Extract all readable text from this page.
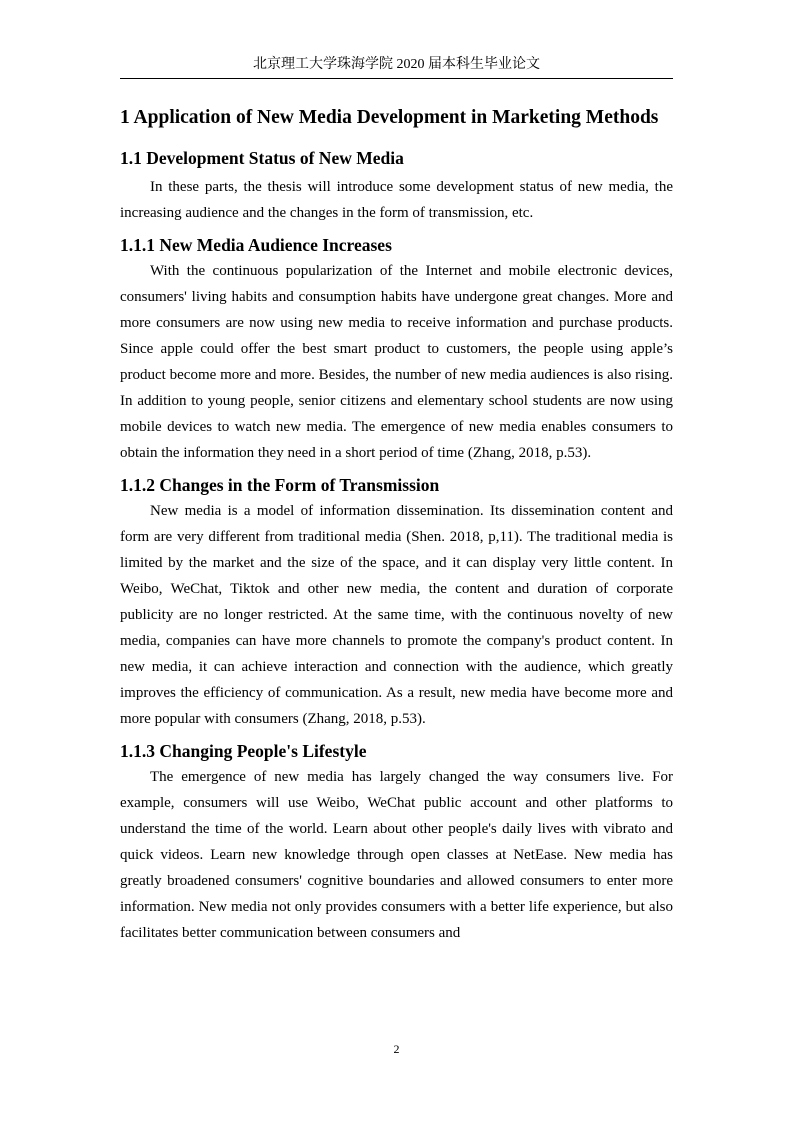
北京理工大学珠海学院 2020 届本科生毕业论文
1 Application of New Media Development in Marketing Methods
1.1 Development Status of New Media

In these parts, the thesis will introduce some development status of new media, the increasing audience and the changes in the form of transmission, etc.

1.1.1 New Media Audience Increases

With the continuous popularization of the Internet and mobile electronic devices, consumers' living habits and consumption habits have undergone great changes. More and more consumers are now using new media to receive information and purchase products. Since apple could offer the best smart product to customers, the people using apple’s product become more and more. Besides, the number of new media audiences is also rising. In addition to young people, senior citizens and elementary school students are now using mobile devices to watch new media. The emergence of new media enables consumers to obtain the information they need in a short period of time (Zhang, 2018, p.53).

1.1.2 Changes in the Form of Transmission

New media is a model of information dissemination. Its dissemination content and form are very different from traditional media (Shen. 2018, p,11). The traditional media is limited by the market and the size of the space, and it can display very little content. In Weibo, WeChat, Tiktok and other new media, the content and duration of corporate publicity are no longer restricted. At the same time, with the continuous novelty of new media, companies can have more channels to promote the company's product content. In new media, it can achieve interaction and connection with the audience, which greatly improves the efficiency of communication. As a result, new media have become more and more popular with consumers (Zhang, 2018, p.53).

1.1.3 Changing People's Lifestyle

The emergence of new media has largely changed the way consumers live. For example, consumers will use Weibo, WeChat public account and other platforms to understand the time of the world. Learn about other people's daily lives with vibrato and quick videos. Learn new knowledge through open classes at NetEase. New media has greatly broadened consumers' cognitive boundaries and allowed consumers to enter more information. New media not only provides consumers with a better life experience, but also facilitates better communication between consumers and

2
